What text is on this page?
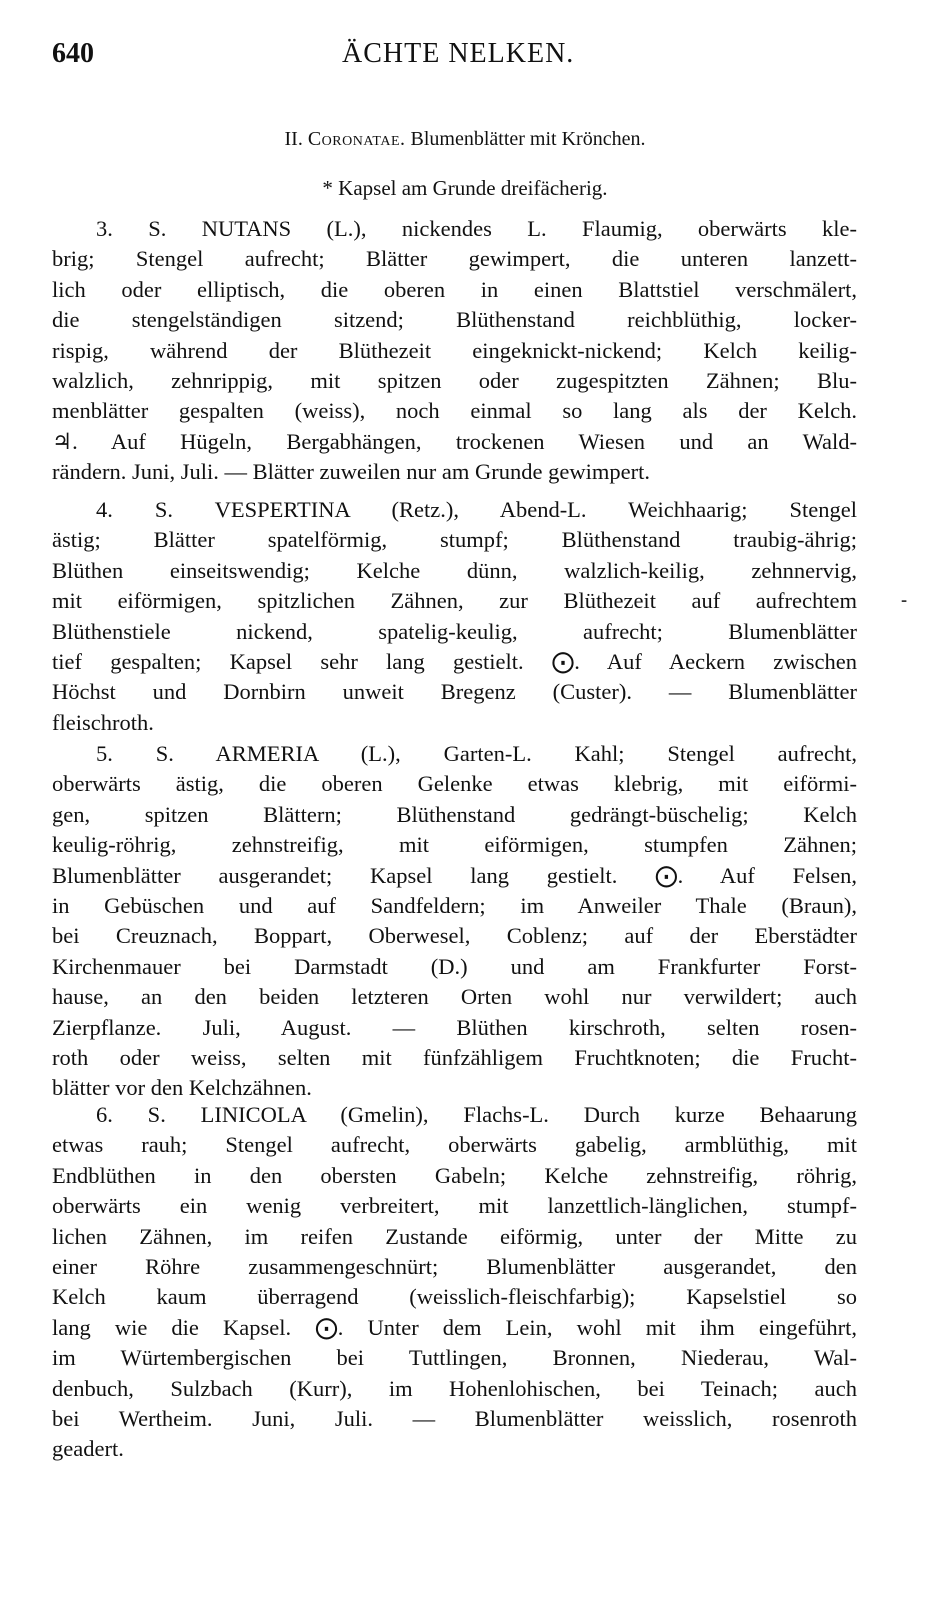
640	ÄCHTE NELKEN.
II. Coronatae. Blumenblätter mit Krönchen.
* Kapsel am Grunde dreifächerig.
3. S. NUTANS (L.), nickendes L. Flaumig, oberwärts kle-
brig; Stengel aufrecht; Blätter gewimpert, die unteren lanzett-
lich oder elliptisch, die oberen in einen Blattstiel verschmälert,
die stengelständigen sitzend; Blüthenstand reichblüthig, locker-
rispig, während der Blüthezeit eingeknickt-nickend; Kelch keilig-
walzlich, zehnrippig, mit spitzen oder zugespitzten Zähnen; Blu-
menblätter gespalten (weiss), noch einmal so lang als der Kelch.
♃. Auf Hügeln, Bergabhängen, trockenen Wiesen und an Wald-
rändern. Juni, Juli. — Blätter zuweilen nur am Grunde gewimpert.
4. S. VESPERTINA (Retz.), Abend-L. Weichhaarig; Stengel
ästig; Blätter spatelförmig, stumpf; Blüthenstand traubig-ährig;
Blüthen einseitswendig; Kelche dünn, walzlich-keilig, zehnnervig,
mit eiförmigen, spitzlichen Zähnen, zur Blüthezeit auf aufrechtem
Blüthenstiele nickend, spatelig-keulig, aufrecht; Blumenblätter
tief gespalten; Kapsel sehr lang gestielt. ⨀. Auf Aeckern zwischen
Höchst und Dornbirn unweit Bregenz (Custer). — Blumenblätter
fleischroth.
⁃
5. S. ARMERIA (L.), Garten-L. Kahl; Stengel aufrecht,
oberwärts ästig, die oberen Gelenke etwas klebrig, mit eiförmi-
gen, spitzen Blättern; Blüthenstand gedrängt-büschelig; Kelch
keulig-röhrig, zehnstreifig, mit eiförmigen, stumpfen Zähnen;
Blumenblätter ausgerandet; Kapsel lang gestielt. ⨀. Auf Felsen,
in Gebüschen und auf Sandfeldern; im Anweiler Thale (Braun),
bei Creuznach, Boppart, Oberwesel, Coblenz; auf der Eberstädter
Kirchenmauer bei Darmstadt (D.) und am Frankfurter Forst-
hause, an den beiden letzteren Orten wohl nur verwildert; auch
Zierpflanze. Juli, August. — Blüthen kirschroth, selten rosen-
roth oder weiss, selten mit fünfzähligem Fruchtknoten; die Frucht-
blätter vor den Kelchzähnen.
6. S. LINICOLA (Gmelin), Flachs-L. Durch kurze Behaarung
etwas rauh; Stengel aufrecht, oberwärts gabelig, armblüthig, mit
Endblüthen in den obersten Gabeln; Kelche zehnstreifig, röhrig,
oberwärts ein wenig verbreitert, mit lanzettlich-länglichen, stumpf-
lichen Zähnen, im reifen Zustande eiförmig, unter der Mitte zu
einer Röhre zusammengeschnürt; Blumenblätter ausgerandet, den
Kelch kaum überragend (weisslich-fleischfarbig); Kapselstiel so
lang wie die Kapsel. ⨀. Unter dem Lein, wohl mit ihm eingeführt,
im Würtembergischen bei Tuttlingen, Bronnen, Niederau, Wal-
denbuch, Sulzbach (Kurr), im Hohenlohischen, bei Teinach; auch
bei Wertheim. Juni, Juli. — Blumenblätter weisslich, rosenroth
geadert.
